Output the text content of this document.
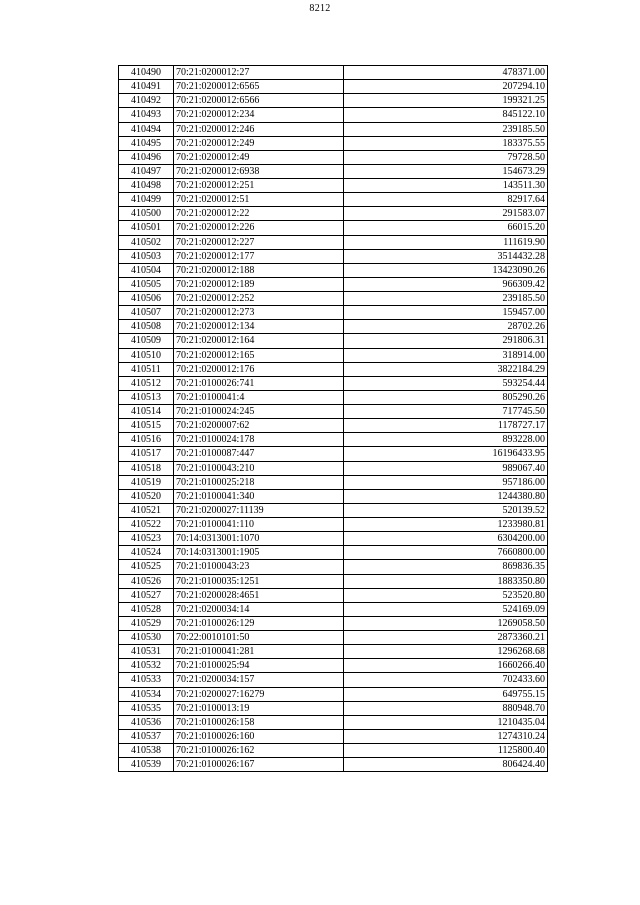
8212
410490	70:21:0200012:27	478371.00
410491	70:21:0200012:6565	207294.10
410492	70:21:0200012:6566	199321.25
410493	70:21:0200012:234	845122.10
410494	70:21:0200012:246	239185.50
410495	70:21:0200012:249	183375.55
410496	70:21:0200012:49	79728.50
410497	70:21:0200012:6938	154673.29
410498	70:21:0200012:251	143511.30
410499	70:21:0200012:51	82917.64
410500	70:21:0200012:22	291583.07
410501	70:21:0200012:226	66015.20
410502	70:21:0200012:227	111619.90
410503	70:21:0200012:177	3514432.28
410504	70:21:0200012:188	13423090.26
410505	70:21:0200012:189	966309.42
410506	70:21:0200012:252	239185.50
410507	70:21:0200012:273	159457.00
410508	70:21:0200012:134	28702.26
410509	70:21:0200012:164	291806.31
410510	70:21:0200012:165	318914.00
410511	70:21:0200012:176	3822184.29
410512	70:21:0100026:741	593254.44
410513	70:21:0100041:4	805290.26
410514	70:21:0100024:245	717745.50
410515	70:21:0200007:62	1178727.17
410516	70:21:0100024:178	893228.00
410517	70:21:0100087:447	16196433.95
410518	70:21:0100043:210	989067.40
410519	70:21:0100025:218	957186.00
410520	70:21:0100041:340	1244380.80
410521	70:21:0200027:11139	520139.52
410522	70:21:0100041:110	1233980.81
410523	70:14:0313001:1070	6304200.00
410524	70:14:0313001:1905	7660800.00
410525	70:21:0100043:23	869836.35
410526	70:21:0100035:1251	1883350.80
410527	70:21:0200028:4651	523520.80
410528	70:21:0200034:14	524169.09
410529	70:21:0100026:129	1269058.50
410530	70:22:0010101:50	2873360.21
410531	70:21:0100041:281	1296268.68
410532	70:21:0100025:94	1660266.40
410533	70:21:0200034:157	702433.60
410534	70:21:0200027:16279	649755.15
410535	70:21:0100013:19	880948.70
410536	70:21:0100026:158	1210435.04
410537	70:21:0100026:160	1274310.24
410538	70:21:0100026:162	1125800.40
410539	70:21:0100026:167	806424.40
